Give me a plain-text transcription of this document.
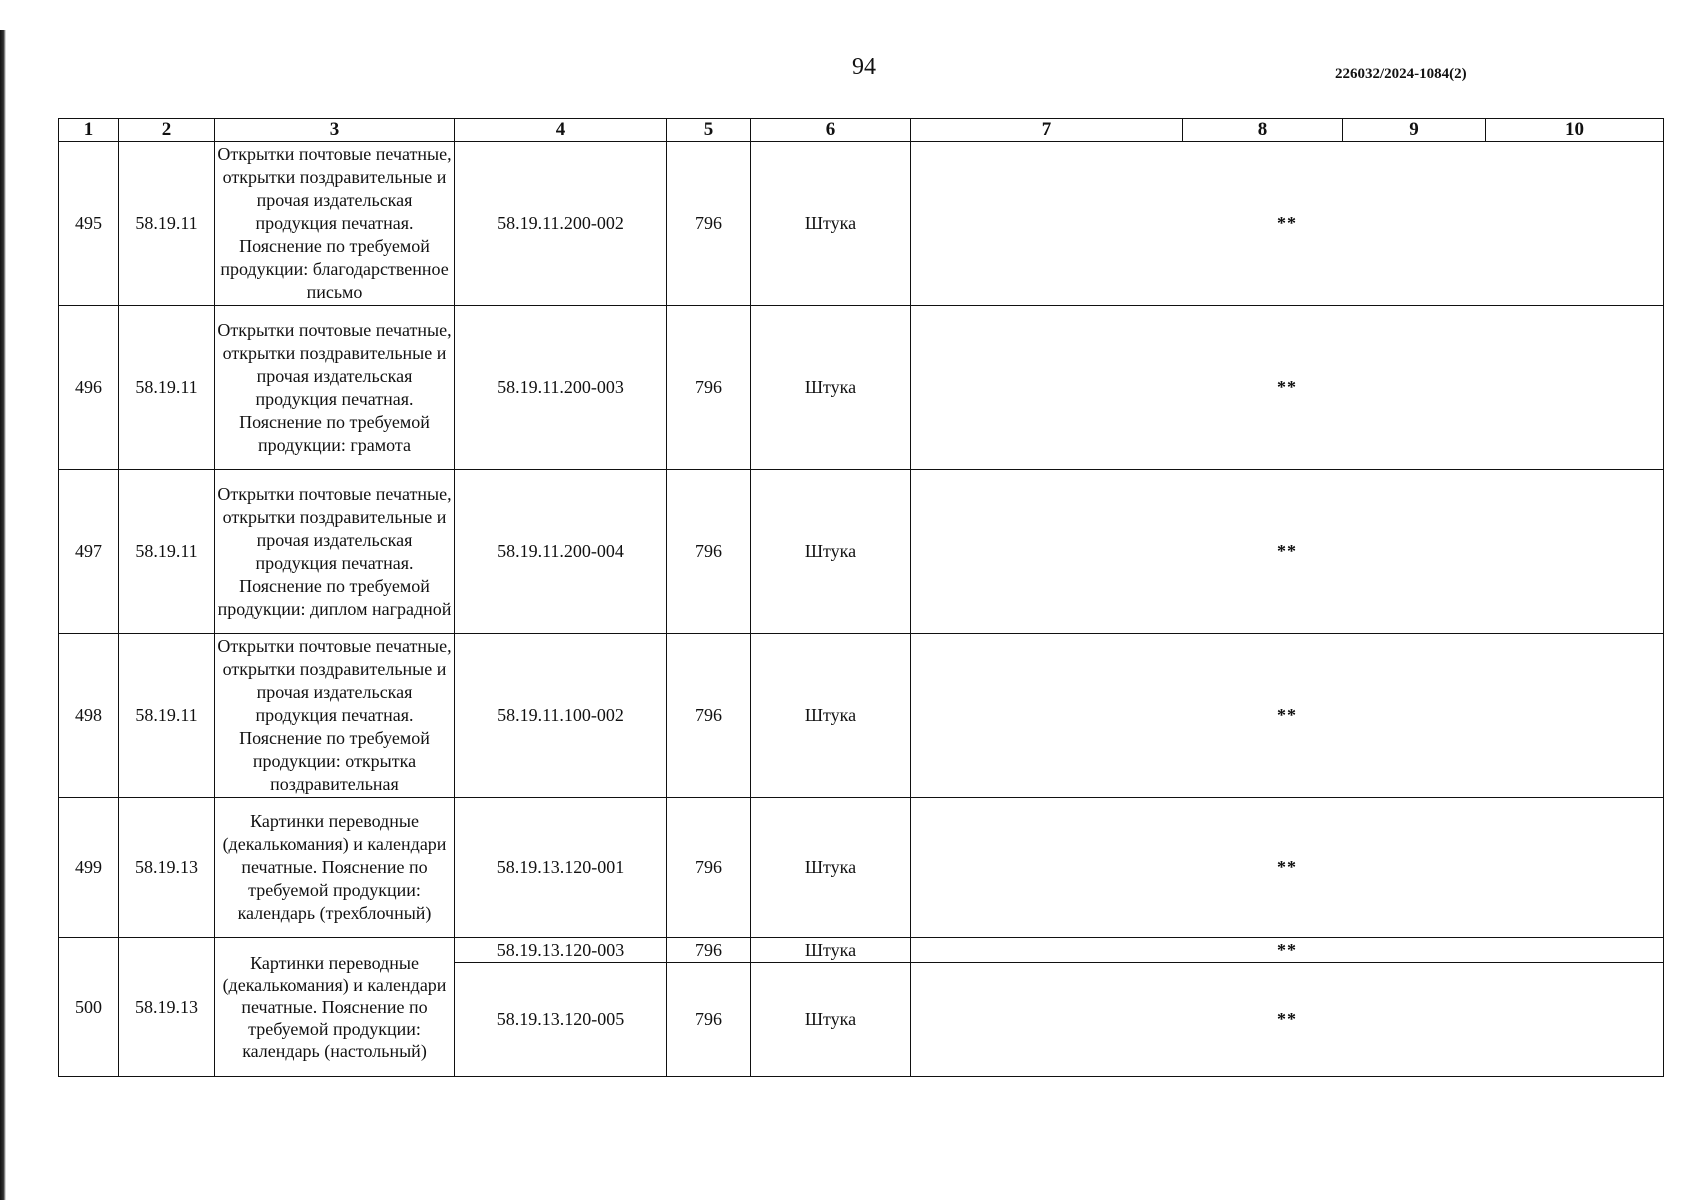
94	226032/2024-1084(2)
1	2	3	4	5	6	7	8	9	10
495	58.19.11	Открытки почтовые печатные, открытки поздравительные и прочая издательская продукция печатная. Пояснение по требуемой продукции: благодарственное письмо	58.19.11.200-002	796	Штука	**			
496	58.19.11	Открытки почтовые печатные, открытки поздравительные и прочая издательская продукция печатная. Пояснение по требуемой продукции: грамота	58.19.11.200-003	796	Штука	**			
497	58.19.11	Открытки почтовые печатные, открытки поздравительные и прочая издательская продукция печатная. Пояснение по требуемой продукции: диплом наградной	58.19.11.200-004	796	Штука	**			
498	58.19.11	Открытки почтовые печатные, открытки поздравительные и прочая издательская продукция печатная. Пояснение по требуемой продукции: открытка поздравительная	58.19.11.100-002	796	Штука	**			
499	58.19.13	Картинки переводные (декалькомания) и календари печатные. Пояснение по требуемой продукции: календарь (трехблочный)	58.19.13.120-001	796	Штука	**			
500	58.19.13	Картинки переводные (декалькомания) и календари печатные. Пояснение по требуемой продукции: календарь (настольный)	58.19.13.120-003	796	Штука	**			
			58.19.13.120-005	796	Штука	**			
